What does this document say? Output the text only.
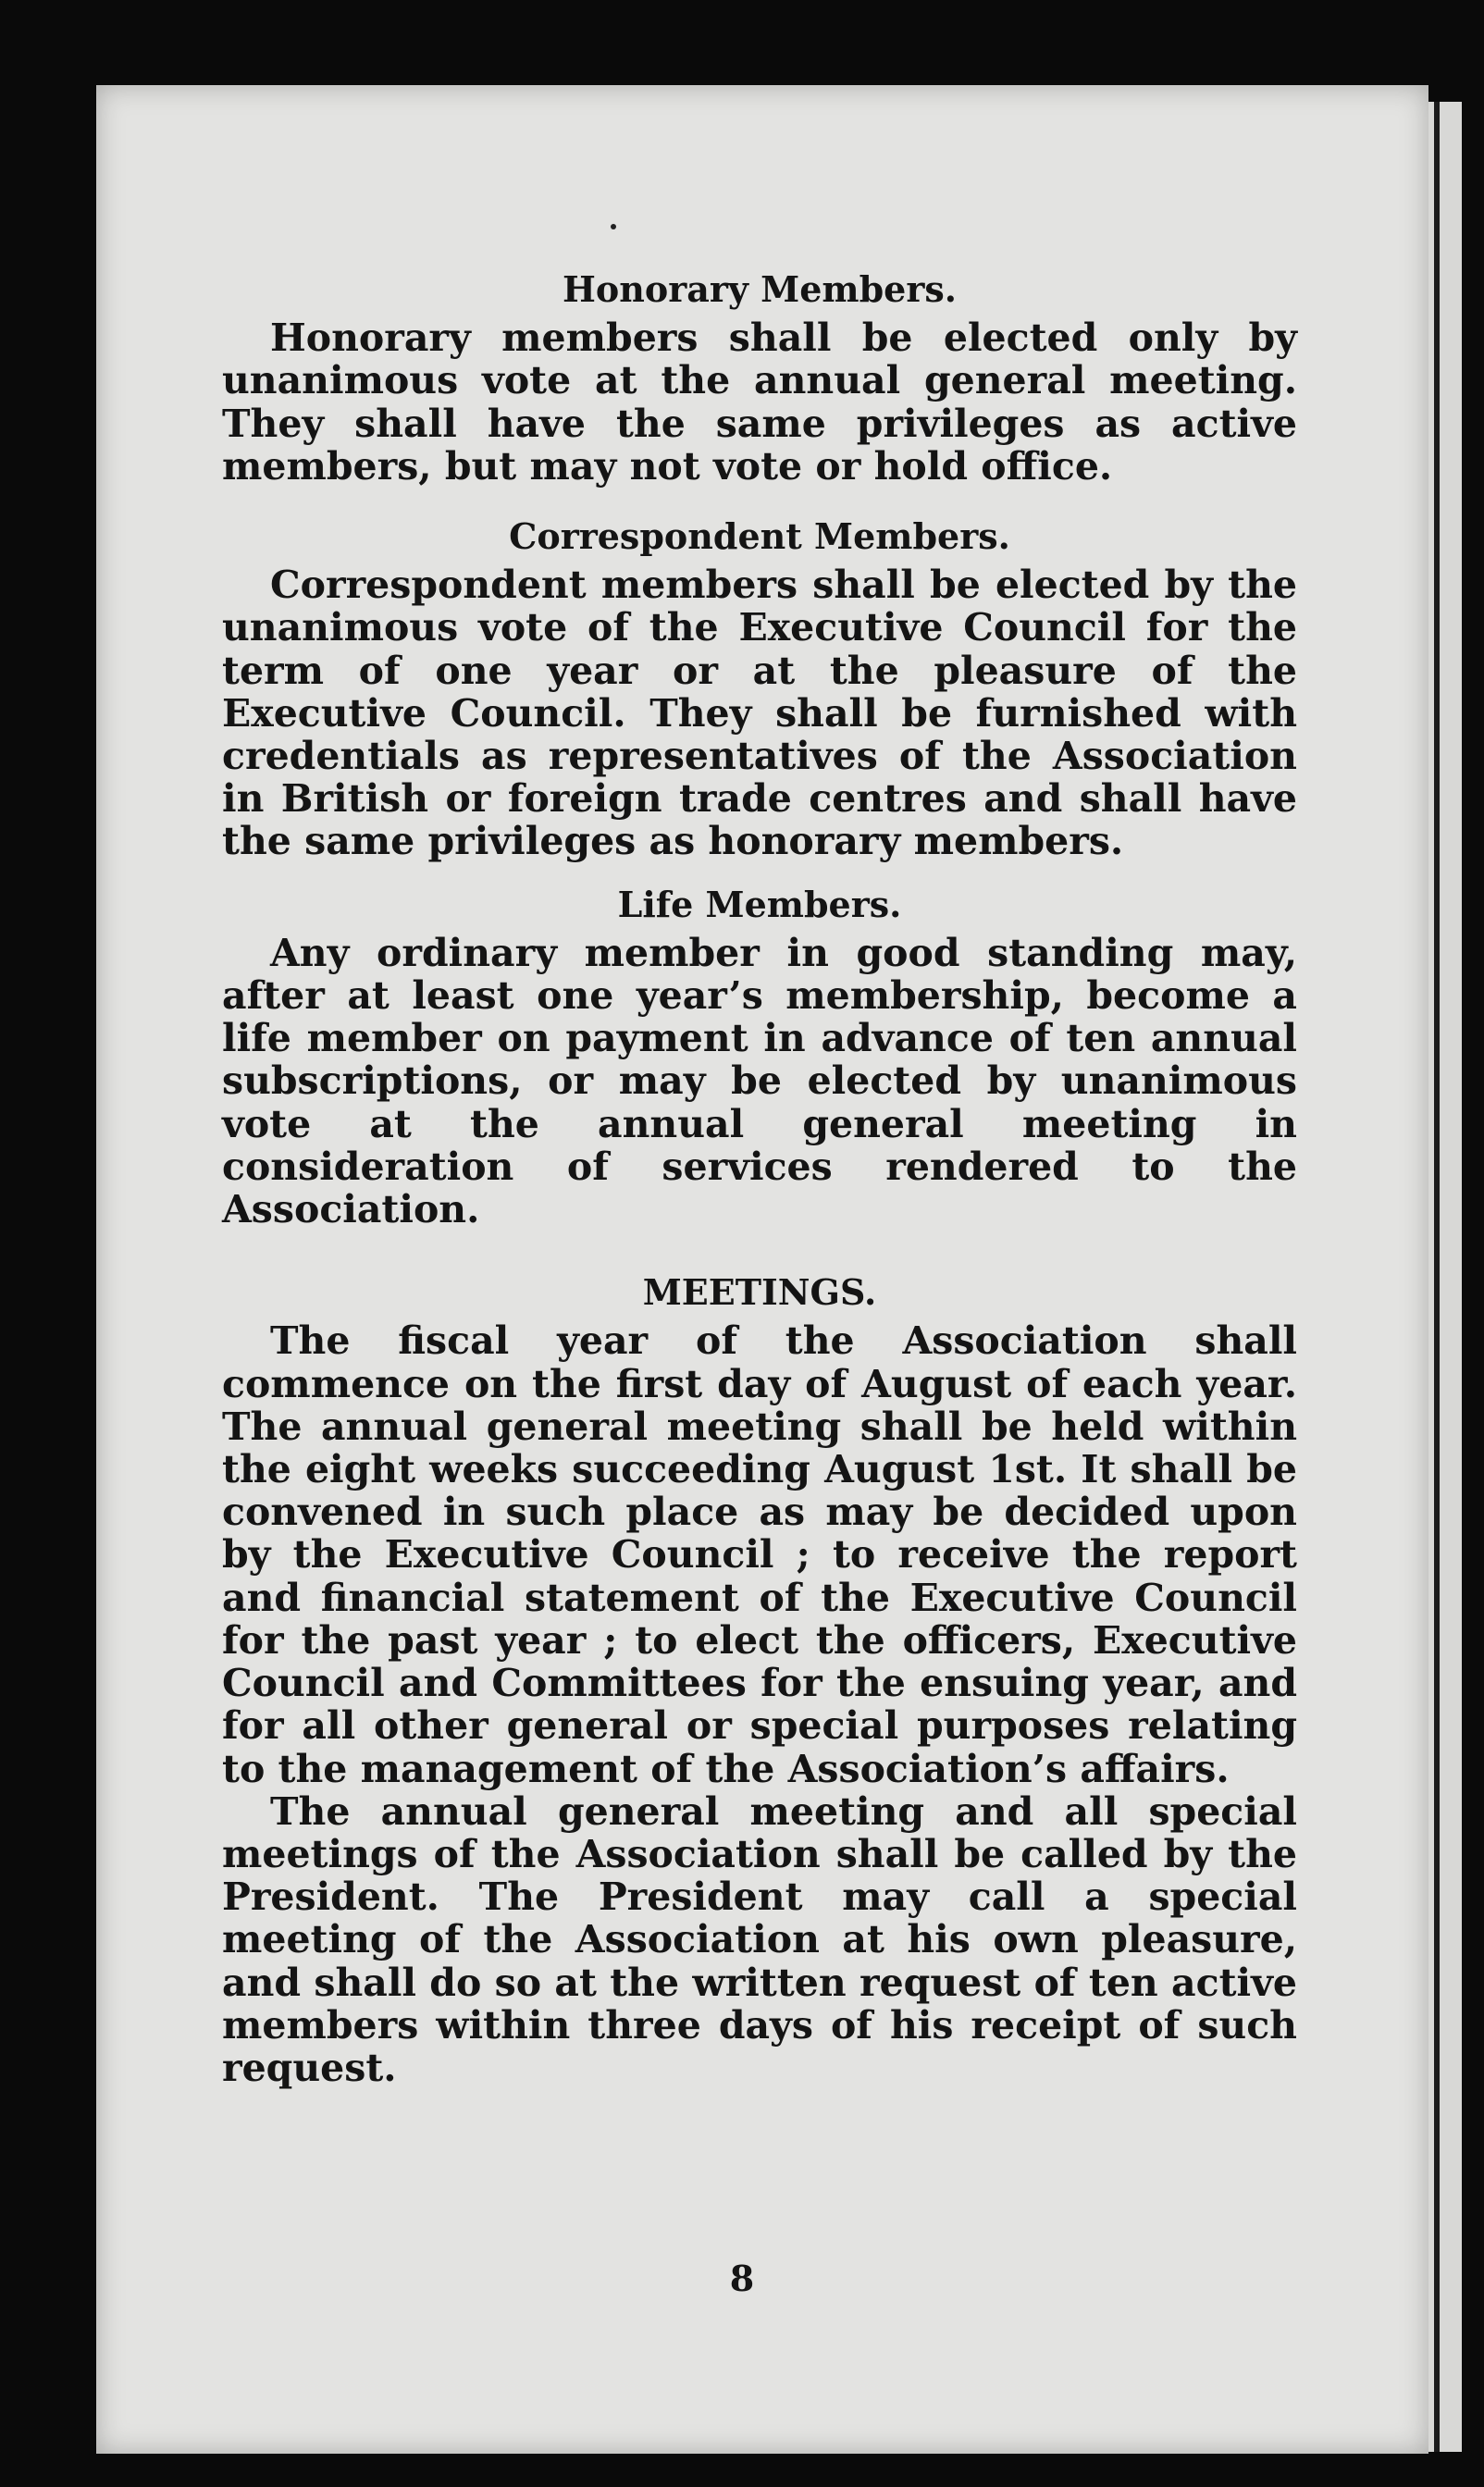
Honorary Members.

Honorary members shall be elected only by unanimous vote at the annual general meeting. They shall have the same privileges as active members, but may not vote or hold office.

Correspondent Members.

Correspondent members shall be elected by the unanimous vote of the Executive Council for the term of one year or at the pleasure of the Executive Council. They shall be furnished with credentials as representatives of the Association in British or foreign trade centres and shall have the same privileges as honorary members.

Life Members.

Any ordinary member in good standing may, after at least one year’s membership, become a life member on payment in advance of ten annual subscriptions, or may be elected by unanimous vote at the annual general meeting in consideration of services rendered to the Association.

MEETINGS.

The fiscal year of the Association shall commence on the first day of August of each year. The annual general meeting shall be held within the eight weeks succeeding August 1st. It shall be convened in such place as may be decided upon by the Executive Council ; to receive the report and financial statement of the Executive Council for the past year ; to elect the officers, Executive Council and Committees for the ensuing year, and for all other general or special purposes relating to the management of the Association’s affairs.

The annual general meeting and all special meetings of the Association shall be called by the President. The President may call a special meeting of the Association at his own pleasure, and shall do so at the written request of ten active members within three days of his receipt of such request.

8
